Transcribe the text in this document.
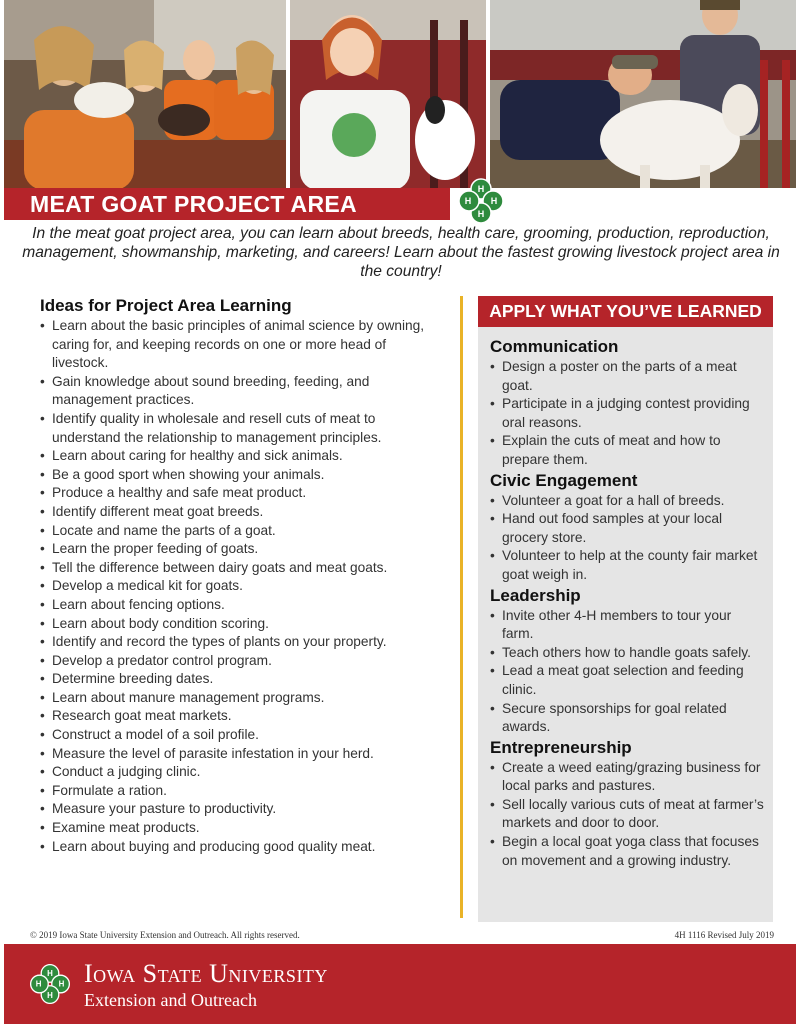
MEAT GOAT PROJECT AREA
H
H
H
H

In the meat goat project area, you can learn about breeds, health care, grooming, production, reproduction, management, showmanship, marketing, and careers! Learn about the fastest growing livestock project area in the country!

Ideas for Project Area Learning
• Learn about the basic principles of animal science by owning, caring for, and keeping records on one or more head of livestock.
• Gain knowledge about sound breeding, feeding, and management practices.
• Identify quality in wholesale and resell cuts of meat to understand the relationship to management principles.
• Learn about caring for healthy and sick animals.
• Be a good sport when showing your animals.
• Produce a healthy and safe meat product.
• Identify different meat goat breeds.
• Locate and name the parts of a goat.
• Learn the proper feeding of goats.
• Tell the difference between dairy goats and meat goats.
• Develop a medical kit for goats.
• Learn about fencing options.
• Learn about body condition scoring.
• Identify and record the types of plants on your property.
• Develop a predator control program.
• Determine breeding dates.
• Learn about manure management programs.
• Research goat meat markets.
• Construct a model of a soil profile.
• Measure the level of parasite infestation in your herd.
• Conduct a judging clinic.
• Formulate a ration.
• Measure your pasture to productivity.
• Examine meat products.
• Learn about buying and producing good quality meat.
APPLY WHAT YOU’VE LEARNED
Communication
• Design a poster on the parts of a meat goat.
• Participate in a judging contest providing oral reasons.
• Explain the cuts of meat and how to prepare them.
Civic Engagement
• Volunteer a goat for a hall of breeds.
• Hand out food samples at your local grocery store.
• Volunteer to help at the county fair market goat weigh in.
Leadership
• Invite other 4-H members to tour your farm.
• Teach others how to handle goats safely.
• Lead a meat goat selection and feeding clinic.
• Secure sponsorships for goal related awards.
Entrepreneurship
• Create a weed eating/grazing business for local parks and pastures.
• Sell locally various cuts of meat at farmer’s markets and door to door.
• Begin a local goat yoga class that focuses on movement and a growing industry.
© 2019 Iowa State University Extension and Outreach. All rights reserved.	4H 1116 Revised July 2019
H
H
H
H Iowa State University
Extension and Outreach
